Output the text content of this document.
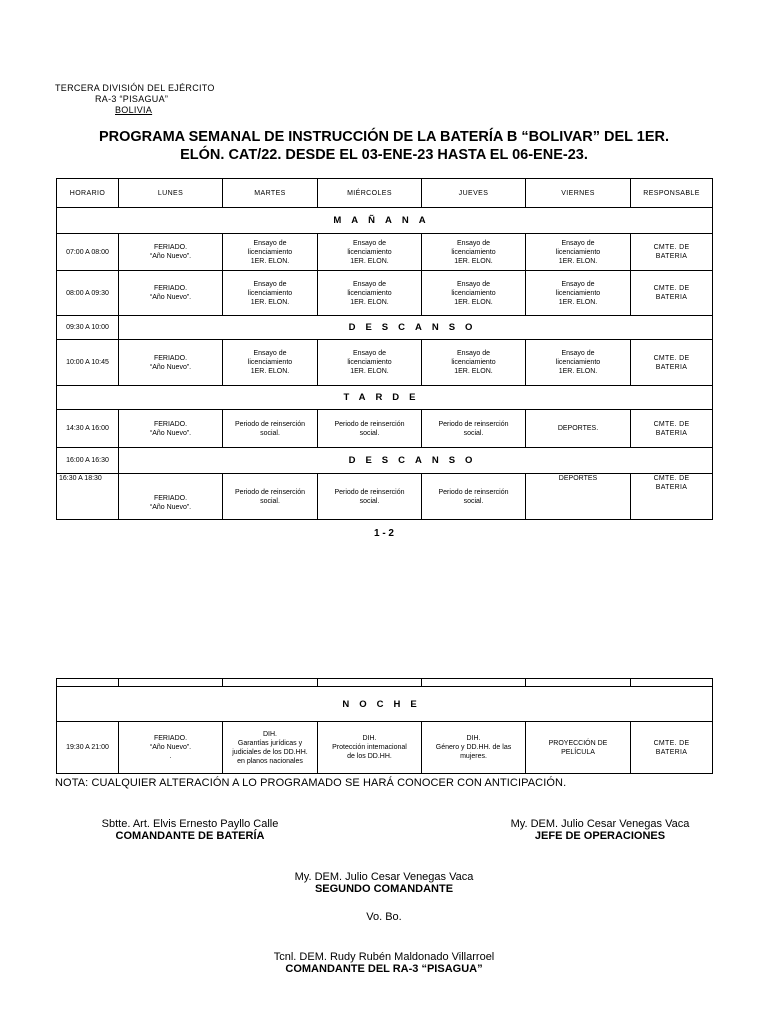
TERCERA DIVISIÓN DEL EJÉRCITO
RA-3 “PISAGUA”
BOLIVIA
PROGRAMA SEMANAL DE INSTRUCCIÓN DE LA BATERÍA B “BOLIVAR” DEL 1ER.
ELÓN. CAT/22. DESDE EL 03-ENE-23 HASTA EL 06-ENE-23.
HORARIO	LUNES	MARTES	MIÉRCOLES	JUEVES	VIERNES	RESPONSABLE
MAÑANA						
07:00 A 08:00	FERIADO.
“Año Nuevo”.	Ensayo de
licenciamiento
1ER. ELON.	Ensayo de
licenciamiento
1ER. ELON.	Ensayo de
licenciamiento
1ER. ELON.	Ensayo de
licenciamiento
1ER. ELON.	CMTE. DE
BATERIA
08:00 A 09:30	FERIADO.
“Año Nuevo”.	Ensayo de
licenciamiento
1ER. ELON.	Ensayo de
licenciamiento
1ER. ELON.	Ensayo de
licenciamiento
1ER. ELON.	Ensayo de
licenciamiento
1ER. ELON.	CMTE. DE
BATERIA
09:30 A 10:00	DESCANSO					
10:00 A 10:45	FERIADO.
“Año Nuevo”.	Ensayo de
licenciamiento
1ER. ELON.	Ensayo de
licenciamiento
1ER. ELON.	Ensayo de
licenciamiento
1ER. ELON.	Ensayo de
licenciamiento
1ER. ELON.	CMTE. DE
BATERIA
TARDE						
14:30 A 16:00	FERIADO.
“Año Nuevo”.	Periodo de reinserción
social.	Periodo de reinserción
social.	Periodo de reinserción
social.	DEPORTES.	CMTE. DE
BATERIA
16:00 A 16:30	DESCANSO					
16:30 A 18:30	FERIADO.
“Año Nuevo”.	Periodo de reinserción
social.	Periodo de reinserción
social.	Periodo de reinserción
social.	DEPORTES	CMTE. DE
BATERIA
1 - 2

NOCHE						
19:30 A 21:00	FERIADO.
“Año Nuevo”.
.	DIH.
Garantías jurídicas y
judiciales de los DD.HH.
en planos nacionales	DIH.
Protección internacional
de los DD.HH.	DIH.
Género y DD.HH. de las
mujeres.	PROYECCIÓN DE
PELÍCULA	CMTE. DE
BATERIA
NOTA: CUALQUIER ALTERACIÓN A LO PROGRAMADO SE HARÁ CONOCER CON ANTICIPACIÓN.
Sbtte. Art. Elvis Ernesto Payllo Calle
COMANDANTE DE BATERÍA
My. DEM. Julio Cesar Venegas Vaca
JEFE DE OPERACIONES
My. DEM. Julio Cesar Venegas Vaca
SEGUNDO COMANDANTE
Vo. Bo.
Tcnl. DEM. Rudy Rubén Maldonado Villarroel
COMANDANTE DEL RA-3 “PISAGUA”
